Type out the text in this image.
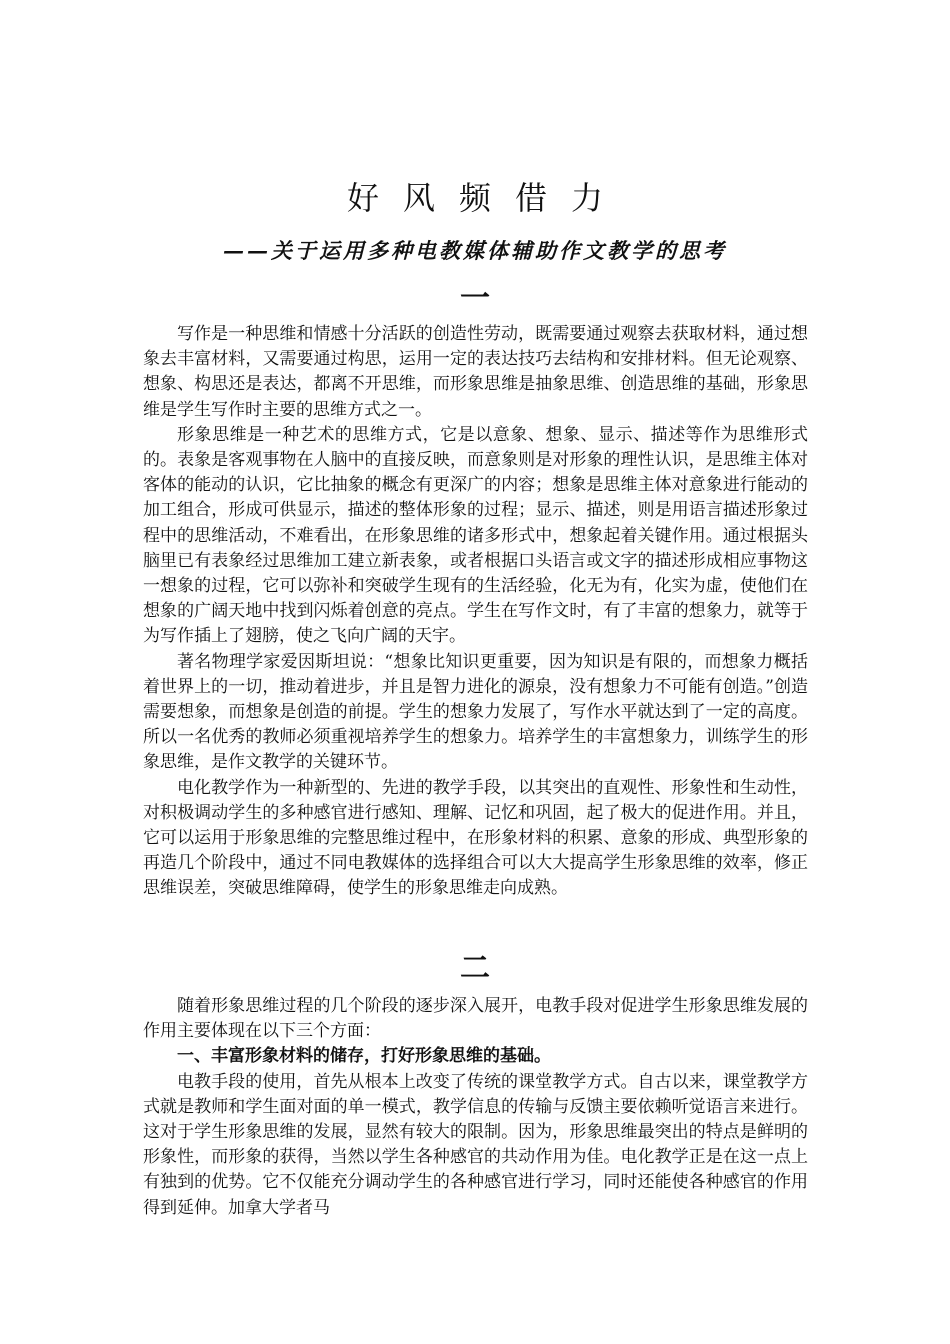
好风频借力
——关于运用多种电教媒体辅助作文教学的思考
一

写作是一种思维和情感十分活跃的创造性劳动，既需要通过观察去获取材料，通过想象去丰富材料，又需要通过构思，运用一定的表达技巧去结构和安排材料。但无论观察、想象、构思还是表达，都离不开思维，而形象思维是抽象思维、创造思维的基础，形象思维是学生写作时主要的思维方式之一。

形象思维是一种艺术的思维方式，它是以意象、想象、显示、描述等作为思维形式的。表象是客观事物在人脑中的直接反映，而意象则是对形象的理性认识，是思维主体对客体的能动的认识，它比抽象的概念有更深广的内容；想象是思维主体对意象进行能动的加工组合，形成可供显示，描述的整体形象的过程；显示、描述，则是用语言描述形象过程中的思维活动，不难看出，在形象思维的诸多形式中，想象起着关键作用。通过根据头脑里已有表象经过思维加工建立新表象，或者根据口头语言或文字的描述形成相应事物这一想象的过程，它可以弥补和突破学生现有的生活经验，化无为有，化实为虚，使他们在想象的广阔天地中找到闪烁着创意的亮点。学生在写作文时，有了丰富的想象力，就等于为写作插上了翅膀，使之飞向广阔的天宇。

著名物理学家爱因斯坦说：“想象比知识更重要，因为知识是有限的，而想象力概括着世界上的一切，推动着进步，并且是智力进化的源泉，没有想象力不可能有创造。”创造需要想象，而想象是创造的前提。学生的想象力发展了，写作水平就达到了一定的高度。所以一名优秀的教师必须重视培养学生的想象力。培养学生的丰富想象力，训练学生的形象思维，是作文教学的关键环节。

电化教学作为一种新型的、先进的教学手段，以其突出的直观性、形象性和生动性，对积极调动学生的多种感官进行感知、理解、记忆和巩固，起了极大的促进作用。并且，它可以运用于形象思维的完整思维过程中，在形象材料的积累、意象的形成、典型形象的再造几个阶段中，通过不同电教媒体的选择组合可以大大提高学生形象思维的效率，修正思维误差，突破思维障碍，使学生的形象思维走向成熟。

二

随着形象思维过程的几个阶段的逐步深入展开，电教手段对促进学生形象思维发展的作用主要体现在以下三个方面：

一、丰富形象材料的储存，打好形象思维的基础。

电教手段的使用，首先从根本上改变了传统的课堂教学方式。自古以来，课堂教学方式就是教师和学生面对面的单一模式，教学信息的传输与反馈主要依赖听觉语言来进行。这对于学生形象思维的发展，显然有较大的限制。因为，形象思维最突出的特点是鲜明的形象性，而形象的获得，当然以学生各种感官的共动作用为佳。电化教学正是在这一点上有独到的优势。它不仅能充分调动学生的各种感官进行学习，同时还能使各种感官的作用得到延伸。加拿大学者马
